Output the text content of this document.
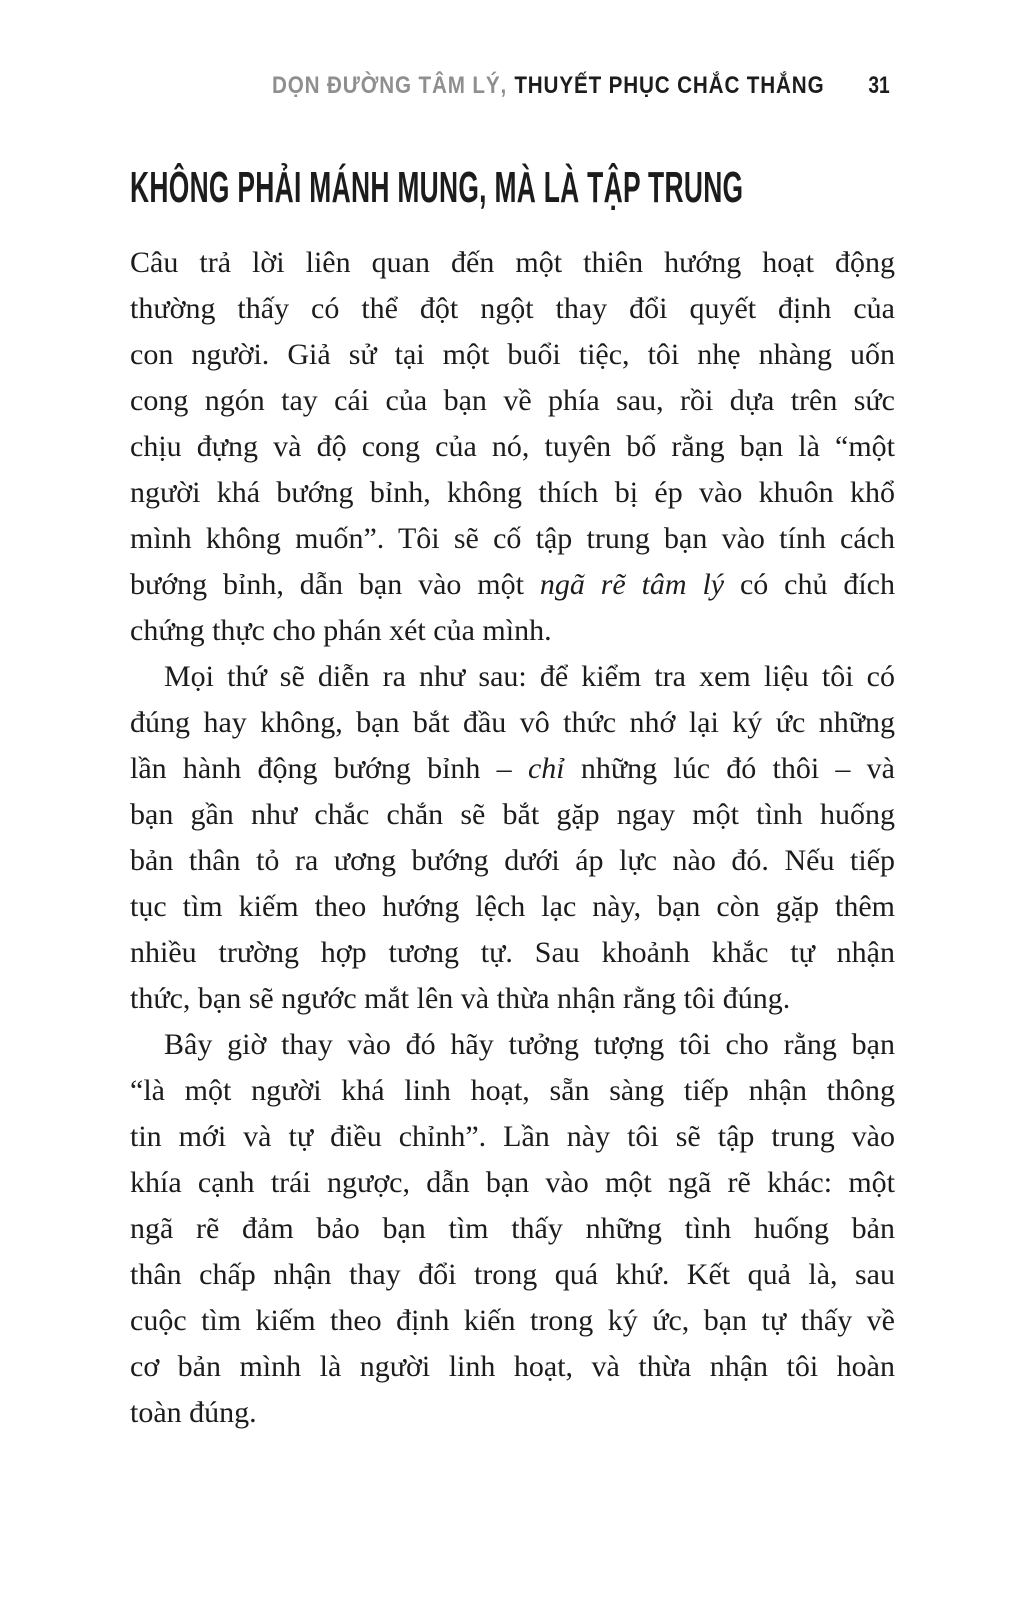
DỌN ĐƯỜNG TÂM LÝ, THUYẾT PHỤC CHẮC THẮNG 31
KHÔNG PHẢI MÁNH MUNG, MÀ LÀ TẬP TRUNG
Câu trả lời liên quan đến một thiên hướng hoạt động
thường thấy có thể đột ngột thay đổi quyết định của
con người. Giả sử tại một buổi tiệc, tôi nhẹ nhàng uốn
cong ngón tay cái của bạn về phía sau, rồi dựa trên sức
chịu đựng và độ cong của nó, tuyên bố rằng bạn là “một
người khá bướng bỉnh, không thích bị ép vào khuôn khổ
mình không muốn”. Tôi sẽ cố tập trung bạn vào tính cách
bướng bỉnh, dẫn bạn vào một ngã rẽ tâm lý có chủ đích
chứng thực cho phán xét của mình.
Mọi thứ sẽ diễn ra như sau: để kiểm tra xem liệu tôi có
đúng hay không, bạn bắt đầu vô thức nhớ lại ký ức những
lần hành động bướng bỉnh – chỉ những lúc đó thôi – và
bạn gần như chắc chắn sẽ bắt gặp ngay một tình huống
bản thân tỏ ra ương bướng dưới áp lực nào đó. Nếu tiếp
tục tìm kiếm theo hướng lệch lạc này, bạn còn gặp thêm
nhiều trường hợp tương tự. Sau khoảnh khắc tự nhận
thức, bạn sẽ ngước mắt lên và thừa nhận rằng tôi đúng.
Bây giờ thay vào đó hãy tưởng tượng tôi cho rằng bạn
“là một người khá linh hoạt, sẵn sàng tiếp nhận thông
tin mới và tự điều chỉnh”. Lần này tôi sẽ tập trung vào
khía cạnh trái ngược, dẫn bạn vào một ngã rẽ khác: một
ngã rẽ đảm bảo bạn tìm thấy những tình huống bản
thân chấp nhận thay đổi trong quá khứ. Kết quả là, sau
cuộc tìm kiếm theo định kiến trong ký ức, bạn tự thấy về
cơ bản mình là người linh hoạt, và thừa nhận tôi hoàn
toàn đúng.
